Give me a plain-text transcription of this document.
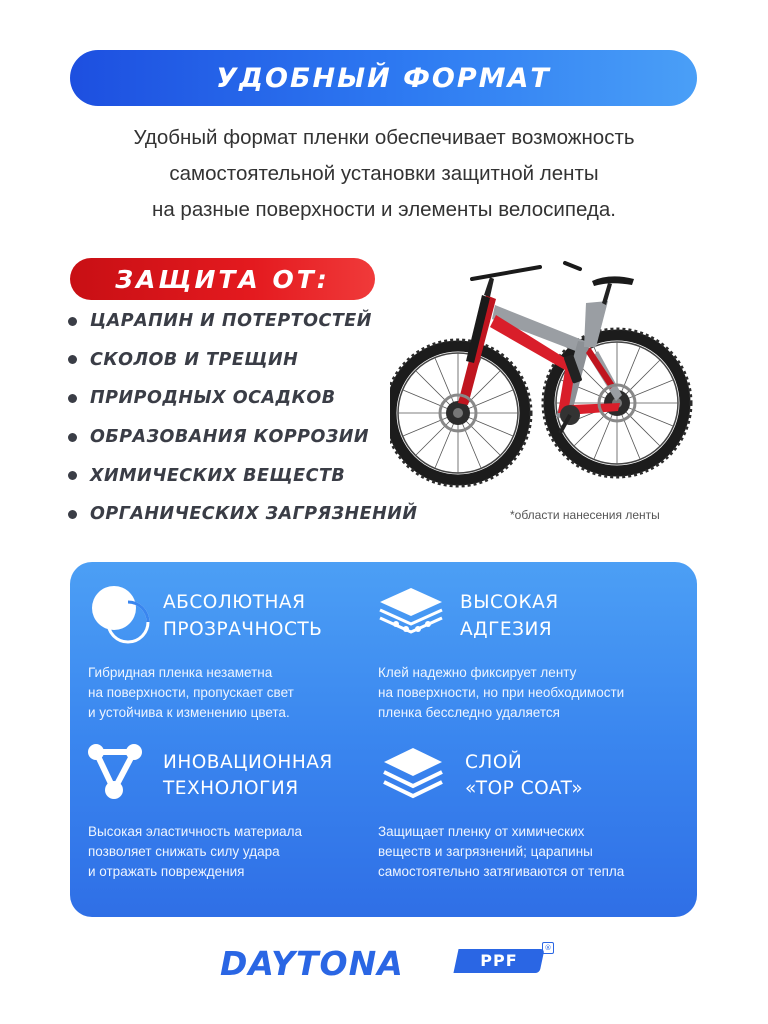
УДОБНЫЙ ФОРМАТ
Удобный формат пленки обеспечивает возможность
самостоятельной установки защитной ленты
на разные поверхности и элементы велосипеда.
ЗАЩИТА ОТ:
ЦАРАПИН И ПОТЕРТОСТЕЙ
СКОЛОВ И ТРЕЩИН
ПРИРОДНЫХ ОСАДКОВ
ОБРАЗОВАНИЯ КОРРОЗИИ
ХИМИЧЕСКИХ ВЕЩЕСТВ
ОРГАНИЧЕСКИХ ЗАГРЯЗНЕНИЙ	*области нанесения ленты
АБСОЛЮТНАЯ
ПРОЗРАЧНОСТЬ
Гибридная пленка незаметна
на поверхности, пропускает свет
и устойчива к изменению цвета.
ВЫСОКАЯ
АДГЕЗИЯ
Клей надежно фиксирует ленту
на поверхности, но при необходимости
пленка бесследно удаляется
ИНОВАЦИОННАЯ
ТЕХНОЛОГИЯ
Высокая эластичность материала
позволяет снижать силу удара
и отражать повреждения
СЛОЙ
«TOP COAT»
Защищает пленку от химических
веществ и загрязнений; царапины
самостоятельно затягиваются от тепла
DAYTONA	PPF
®
